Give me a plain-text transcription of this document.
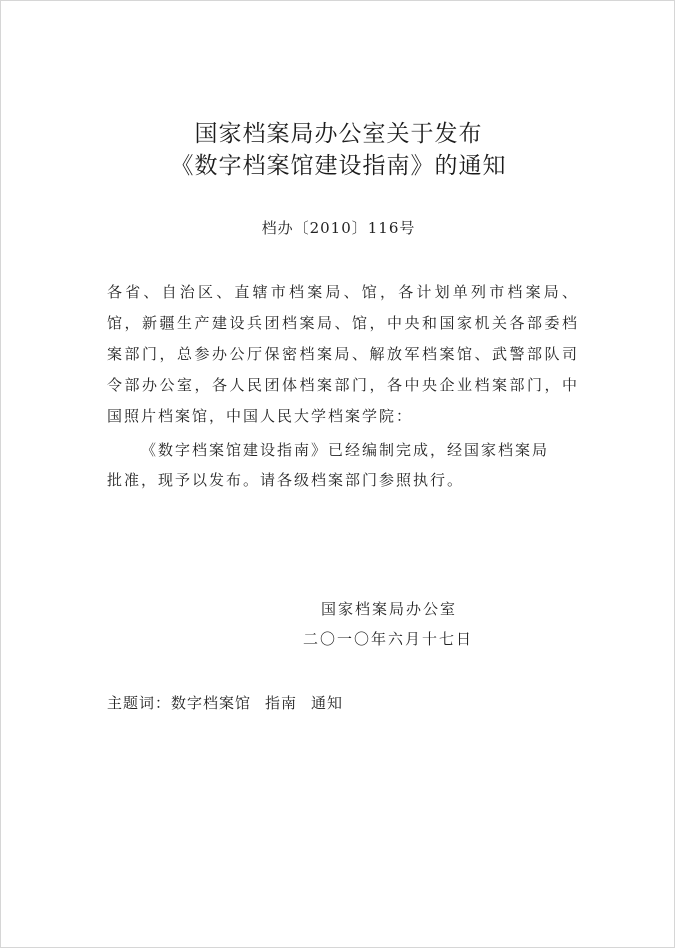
国家档案局办公室关于发布
《数字档案馆建设指南》的通知
档办〔2010〕116号
各省、自治区、直辖市档案局、馆，各计划单列市档案局、馆，新疆生产建设兵团档案局、馆，中央和国家机关各部委档案部门，总参办公厅保密档案局、解放军档案馆、武警部队司令部办公室，各人民团体档案部门，各中央企业档案部门，中国照片档案馆，中国人民大学档案学院：
《数字档案馆建设指南》已经编制完成，经国家档案局
批准，现予以发布。请各级档案部门参照执行。
国家档案局办公室
二〇一〇年六月十七日
主题词：数字档案馆 指南 通知
